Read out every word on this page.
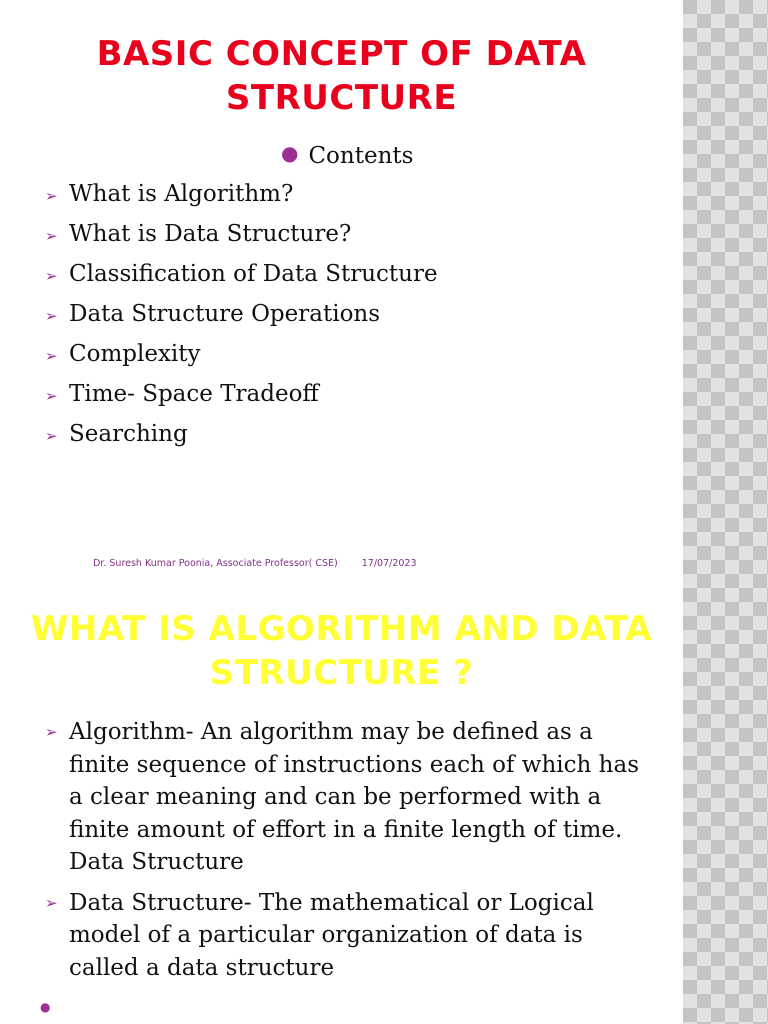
BASIC CONCEPT OF DATA STRUCTURE
● Contents
➢ What is Algorithm?
➢ What is Data Structure?
➢ Classification of Data Structure
➢ Data Structure Operations
➢ Complexity
➢ Time- Space Tradeoff
➢ Searching
Dr. Suresh Kumar Poonia, Associate Professor( CSE)	17/07/2023
WHAT IS ALGORITHM AND DATA STRUCTURE ?
➢ Algorithm- An algorithm may be defined as a finite sequence of instructions each of which has a clear meaning and can be performed with a finite amount of effort in a finite length of time. Data Structure
➢ Data Structure- The mathematical or Logical model of a particular organization of data is called a data structure
●
